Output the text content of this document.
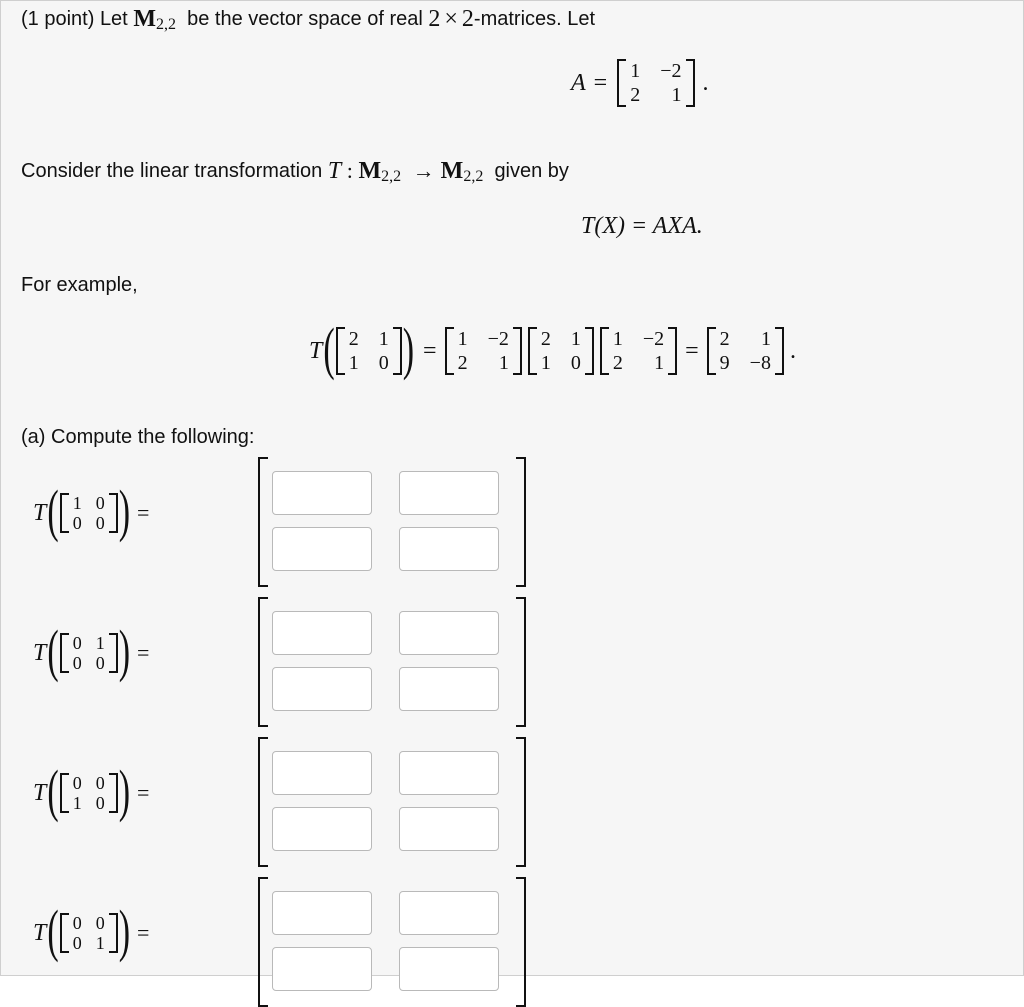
(1 point)
Let
M 2,2
be the vector space of real
2 × 2 -matrices. Let
A = 1 −2
2	1 .
Consider the linear transformation
T
:
M 2,2
→ M 2,2
given by
T(X) = AXA.
For example,
T ( 2 1
1 0 ) = 1 −2
2	1
2 1
1 0
1 −2
2	1 = 2	1
9 −8 .
(a) Compute the following:
T ( 1 0
0 0 ) =
T ( 0 1
0 0 ) =
T ( 0 0
1 0 ) =
T ( 0 0
0 1 ) =
